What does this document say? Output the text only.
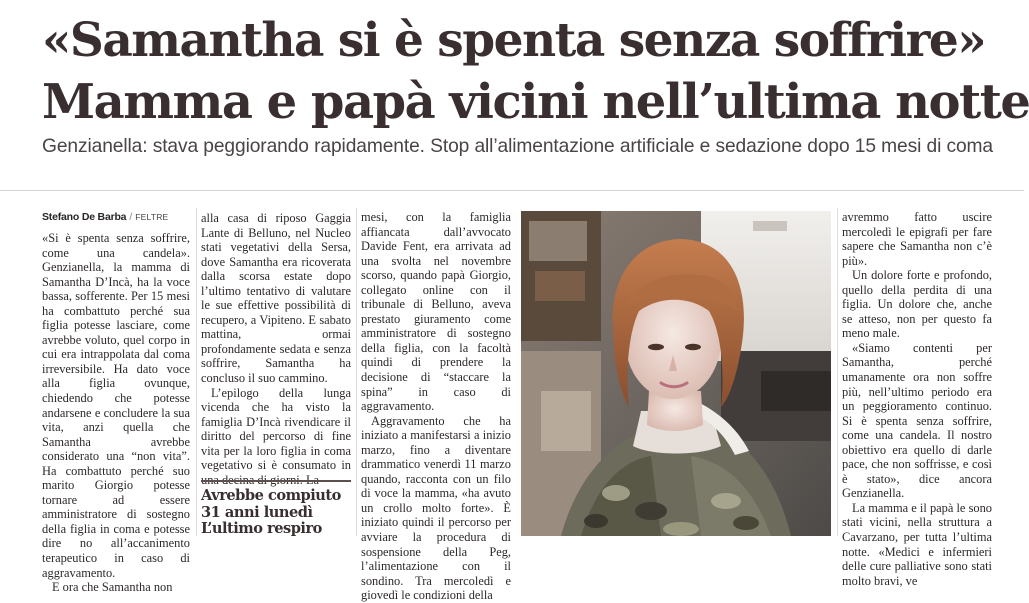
«Samantha si è spenta senza soffrire»
Mamma e papà vicini nell’ultima notte
Genzianella: stava peggiorando rapidamente. Stop all’alimentazione artificiale e sedazione dopo 15 mesi di coma
Stefano De Barba / FELTRE

«Si è spenta senza soffrire, come una candela». Genzianella, la mamma di Samantha D’Incà, ha la voce bassa, sofferente. Per 15 mesi ha combattuto perché sua figlia potesse lasciare, come avrebbe voluto, quel corpo in cui era intrappolata dal coma irreversibile. Ha dato voce alla figlia ovunque, chiedendo che potesse andarsene e concludere la sua vita, anzi quella che Samantha avrebbe considerato una “non vita”. Ha combattuto perché suo marito Giorgio potesse tornare ad essere amministratore di sostegno della figlia in coma e potesse dire no all’accanimento terapeutico in caso di aggravamento.

E ora che Samantha non

alla casa di riposo Gaggia Lante di Belluno, nel Nucleo stati vegetativi della Sersa, dove Samantha era ricoverata dalla scorsa estate dopo l’ultimo tentativo di valutare le sue effettive possibilità di recupero, a Vipiteno. E sabato mattina, ormai profondamente sedata e senza soffrire, Samantha ha concluso il suo cammino.

L’epilogo della lunga vicenda che ha visto la famiglia D’Incà rivendicare il diritto del percorso di fine vita per la loro figlia in coma vegetativo si è consumato in

Avrebbe compiuto
31 anni lunedì
L’ultimo respiro

mesi, con la famiglia affiancata dall’avvocato Davide Fent, era arrivata ad una svolta nel novembre scorso, quando papà Giorgio, collegato online con il tribunale di Belluno, aveva prestato giuramento come amministratore di sostegno della figlia, con la facoltà quindi di prendere la decisione di “staccare la spina” in caso di aggravamento.

Aggravamento che ha iniziato a manifestarsi a inizio marzo, fino a diventare drammatico venerdì 11 marzo quando, racconta con un filo di voce la mamma, «ha avuto un crollo molto forte». È iniziato quindi il percorso per avviare la procedura di sospensione della Peg, l’alimentazione con il sondino. Tra mercoledì e giovedì le condizioni della

avremmo fatto uscire mercoledì le epigrafi per fare sapere che Samantha non c’è più».

Un dolore forte e profondo, quello della perdita di una figlia. Un dolore che, anche se atteso, non per questo fa meno male.

«Siamo contenti per Samantha, perché umanamente ora non soffre più, nell’ultimo periodo era un peggioramento continuo. Si è spenta senza soffrire, come una candela. Il nostro obiettivo era quello di darle pace, che non soffrisse, e così è stato», dice ancora Genzianella.

La mamma e il papà le sono stati vicini, nella struttura a Cavarzano, per tutta l’ultima notte. «Medici e infermieri delle cure palliative sono stati molto bravi, ve
